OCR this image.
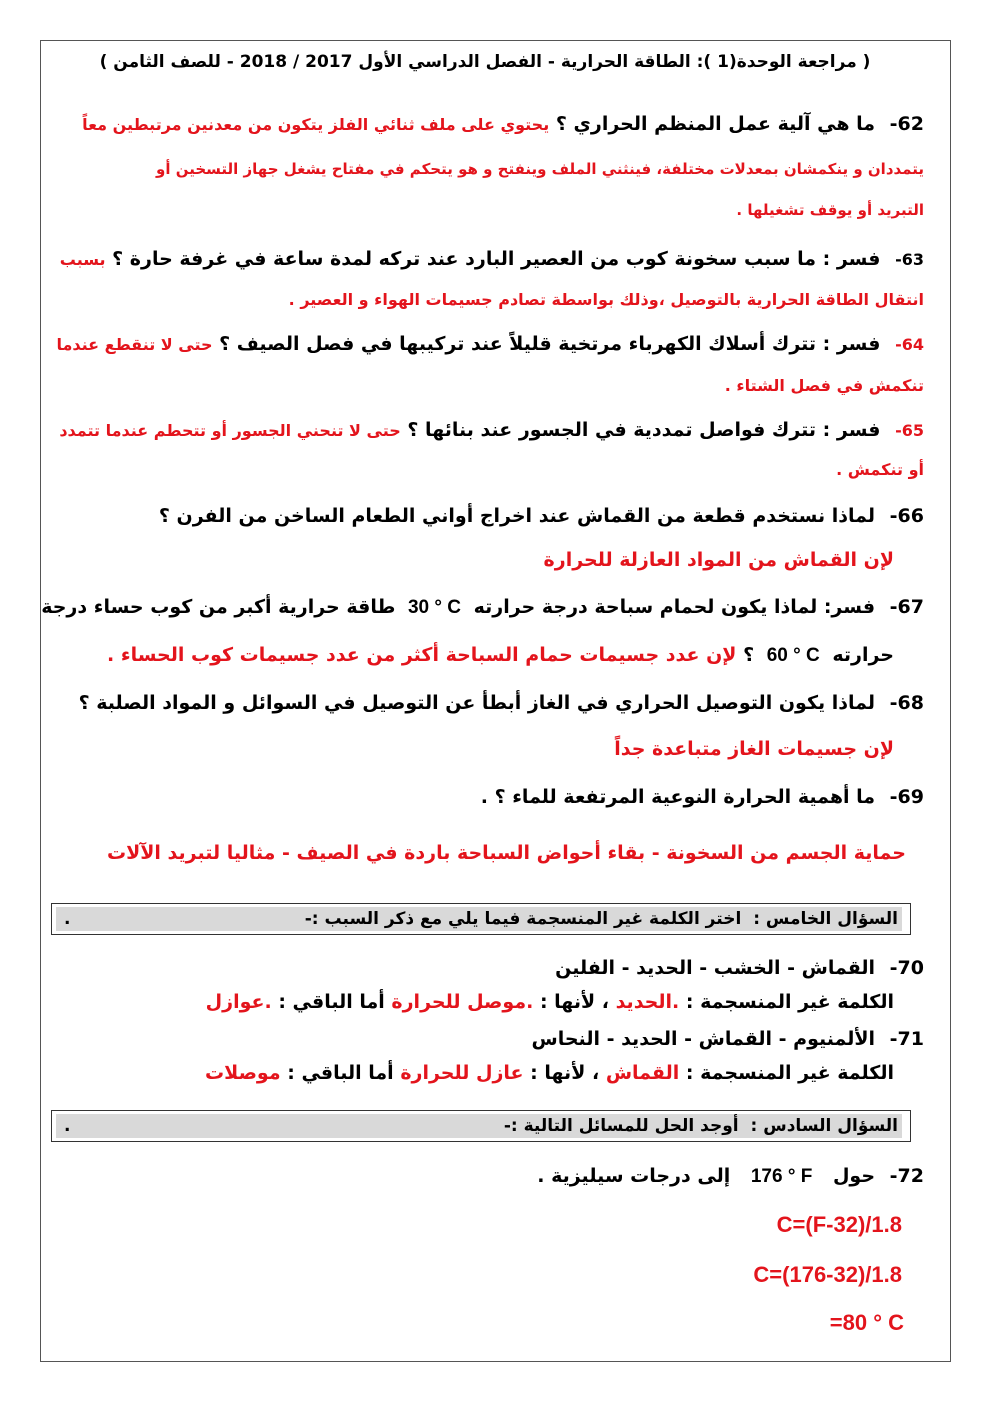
( مراجعة الوحدة(1 ): الطاقة الحرارية - الفصل الدراسي الأول 2017 / 2018 - للصف الثامن )
62- ما هي آلية عمل المنظم الحراري ؟ يحتوي على ملف ثنائي الفلز يتكون من معدنين مرتبطين معاً
يتمددان و ينكمشان بمعدلات مختلفة، فينثني الملف وينفتح و هو يتحكم في مفتاح يشغل جهاز التسخين أو
التبريد أو يوقف تشغيلها .
63- فسر : ما سبب سخونة كوب من العصير البارد عند تركه لمدة ساعة في غرفة حارة ؟ بسبب
انتقال الطاقة الحرارية بالتوصيل ،وذلك بواسطة تصادم جسيمات الهواء و العصير .
64- فسر : تترك أسلاك الكهرباء مرتخية قليلاً عند تركيبها في فصل الصيف ؟ حتى لا تنقطع عندما
تنكمش في فصل الشتاء .
65- فسر : تترك فواصل تمددية في الجسور عند بنائها ؟ حتى لا تنحني الجسور أو تتحطم عندما تتمدد
أو تنكمش .
66- لماذا نستخدم قطعة من القماش عند اخراج أواني الطعام الساخن من الفرن ؟
لإن القماش من المواد العازلة للحرارة
67- فسر: لماذا يكون لحمام سباحة درجة حرارته 30 ° C طاقة حرارية أكبر من كوب حساء درجة
حرارته 60 ° C ؟ لإن عدد جسيمات حمام السباحة أكثر من عدد جسيمات كوب الحساء .
68- لماذا يكون التوصيل الحراري في الغاز أبطأ عن التوصيل في السوائل و المواد الصلبة ؟
لإن جسيمات الغاز متباعدة جداً
69- ما أهمية الحرارة النوعية المرتفعة للماء ؟ .
حماية الجسم من السخونة - بقاء أحواض السباحة باردة في الصيف - مثاليا لتبريد الآلات
السؤال الخامس : اختر الكلمة غير المنسجمة فيما يلي مع ذكر السبب :-
.
70- القماش - الخشب - الحديد - الفلين
الكلمة غير المنسجمة : .الحديد ، لأنها : .موصل للحرارة أما الباقي : .عوازل
71- الألمنيوم - القماش - الحديد - النحاس
الكلمة غير المنسجمة : القماش ، لأنها : عازل للحرارة أما الباقي : موصلات
السؤال السادس : أوجد الحل للمسائل التالية :-
.
72- حول 176 ° F إلى درجات سيليزية .
C=(F-32)/1.8
C=(176-32)/1.8
=80 ° C
